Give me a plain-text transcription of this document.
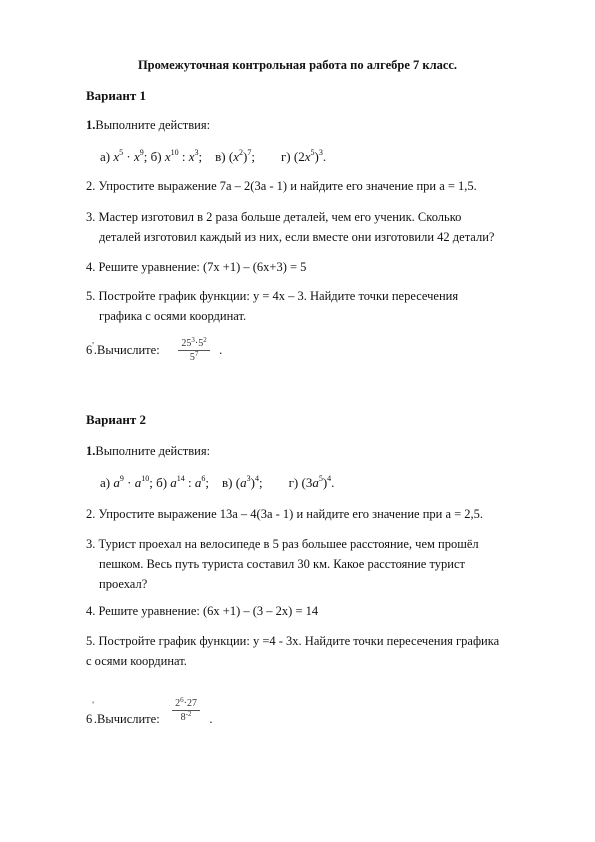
Промежуточная контрольная работа по алгебре 7 класс.
Вариант 1
1.Выполните действия:
а) $x^5 \cdot x^9$; б) $x^{10}$ : $x^3$;    в) $(x^2)^7$;        г) $(2x^5)^3$.
2. Упростите выражение 7а – 2(3а - 1) и найдите его значение при а = 1,5.
3. Мастер изготовил в 2 раза больше деталей, чем его ученик. Сколько
деталей изготовил каждый из них, если вместе они изготовили 42 детали?
4. Решите уравнение: (7х +1) – (6х+3) = 5
5. Постройте график функции: у = 4х – 3. Найдите точки пересечения
графика с осями координат.
6'.Вычислите: $\frac{25^3\cdot 5^2}{5^7}$ .
Вариант 2
1.Выполните действия:
а) $a^9 \cdot a^{10}$; б) $a^{14}$ : $a^6$;    в) $(a^3)^4$;        г) $(3a^5)^4$.
2. Упростите выражение 13а – 4(3а - 1) и найдите его значение при а = 2,5.
3. Турист проехал на велосипеде в 5 раз большее расстояние, чем прошёл
пешком. Весь путь туриста составил 30 км. Какое расстояние турист
проехал?
4. Решите уравнение: (6х +1) – (3 – 2х) = 14
5. Постройте график функции: у =4 - 3х. Найдите точки пересечения графика
с осями координат.
6'.Вычислите: $\frac{2^6\cdot 27}{8^{-2}}$ .
